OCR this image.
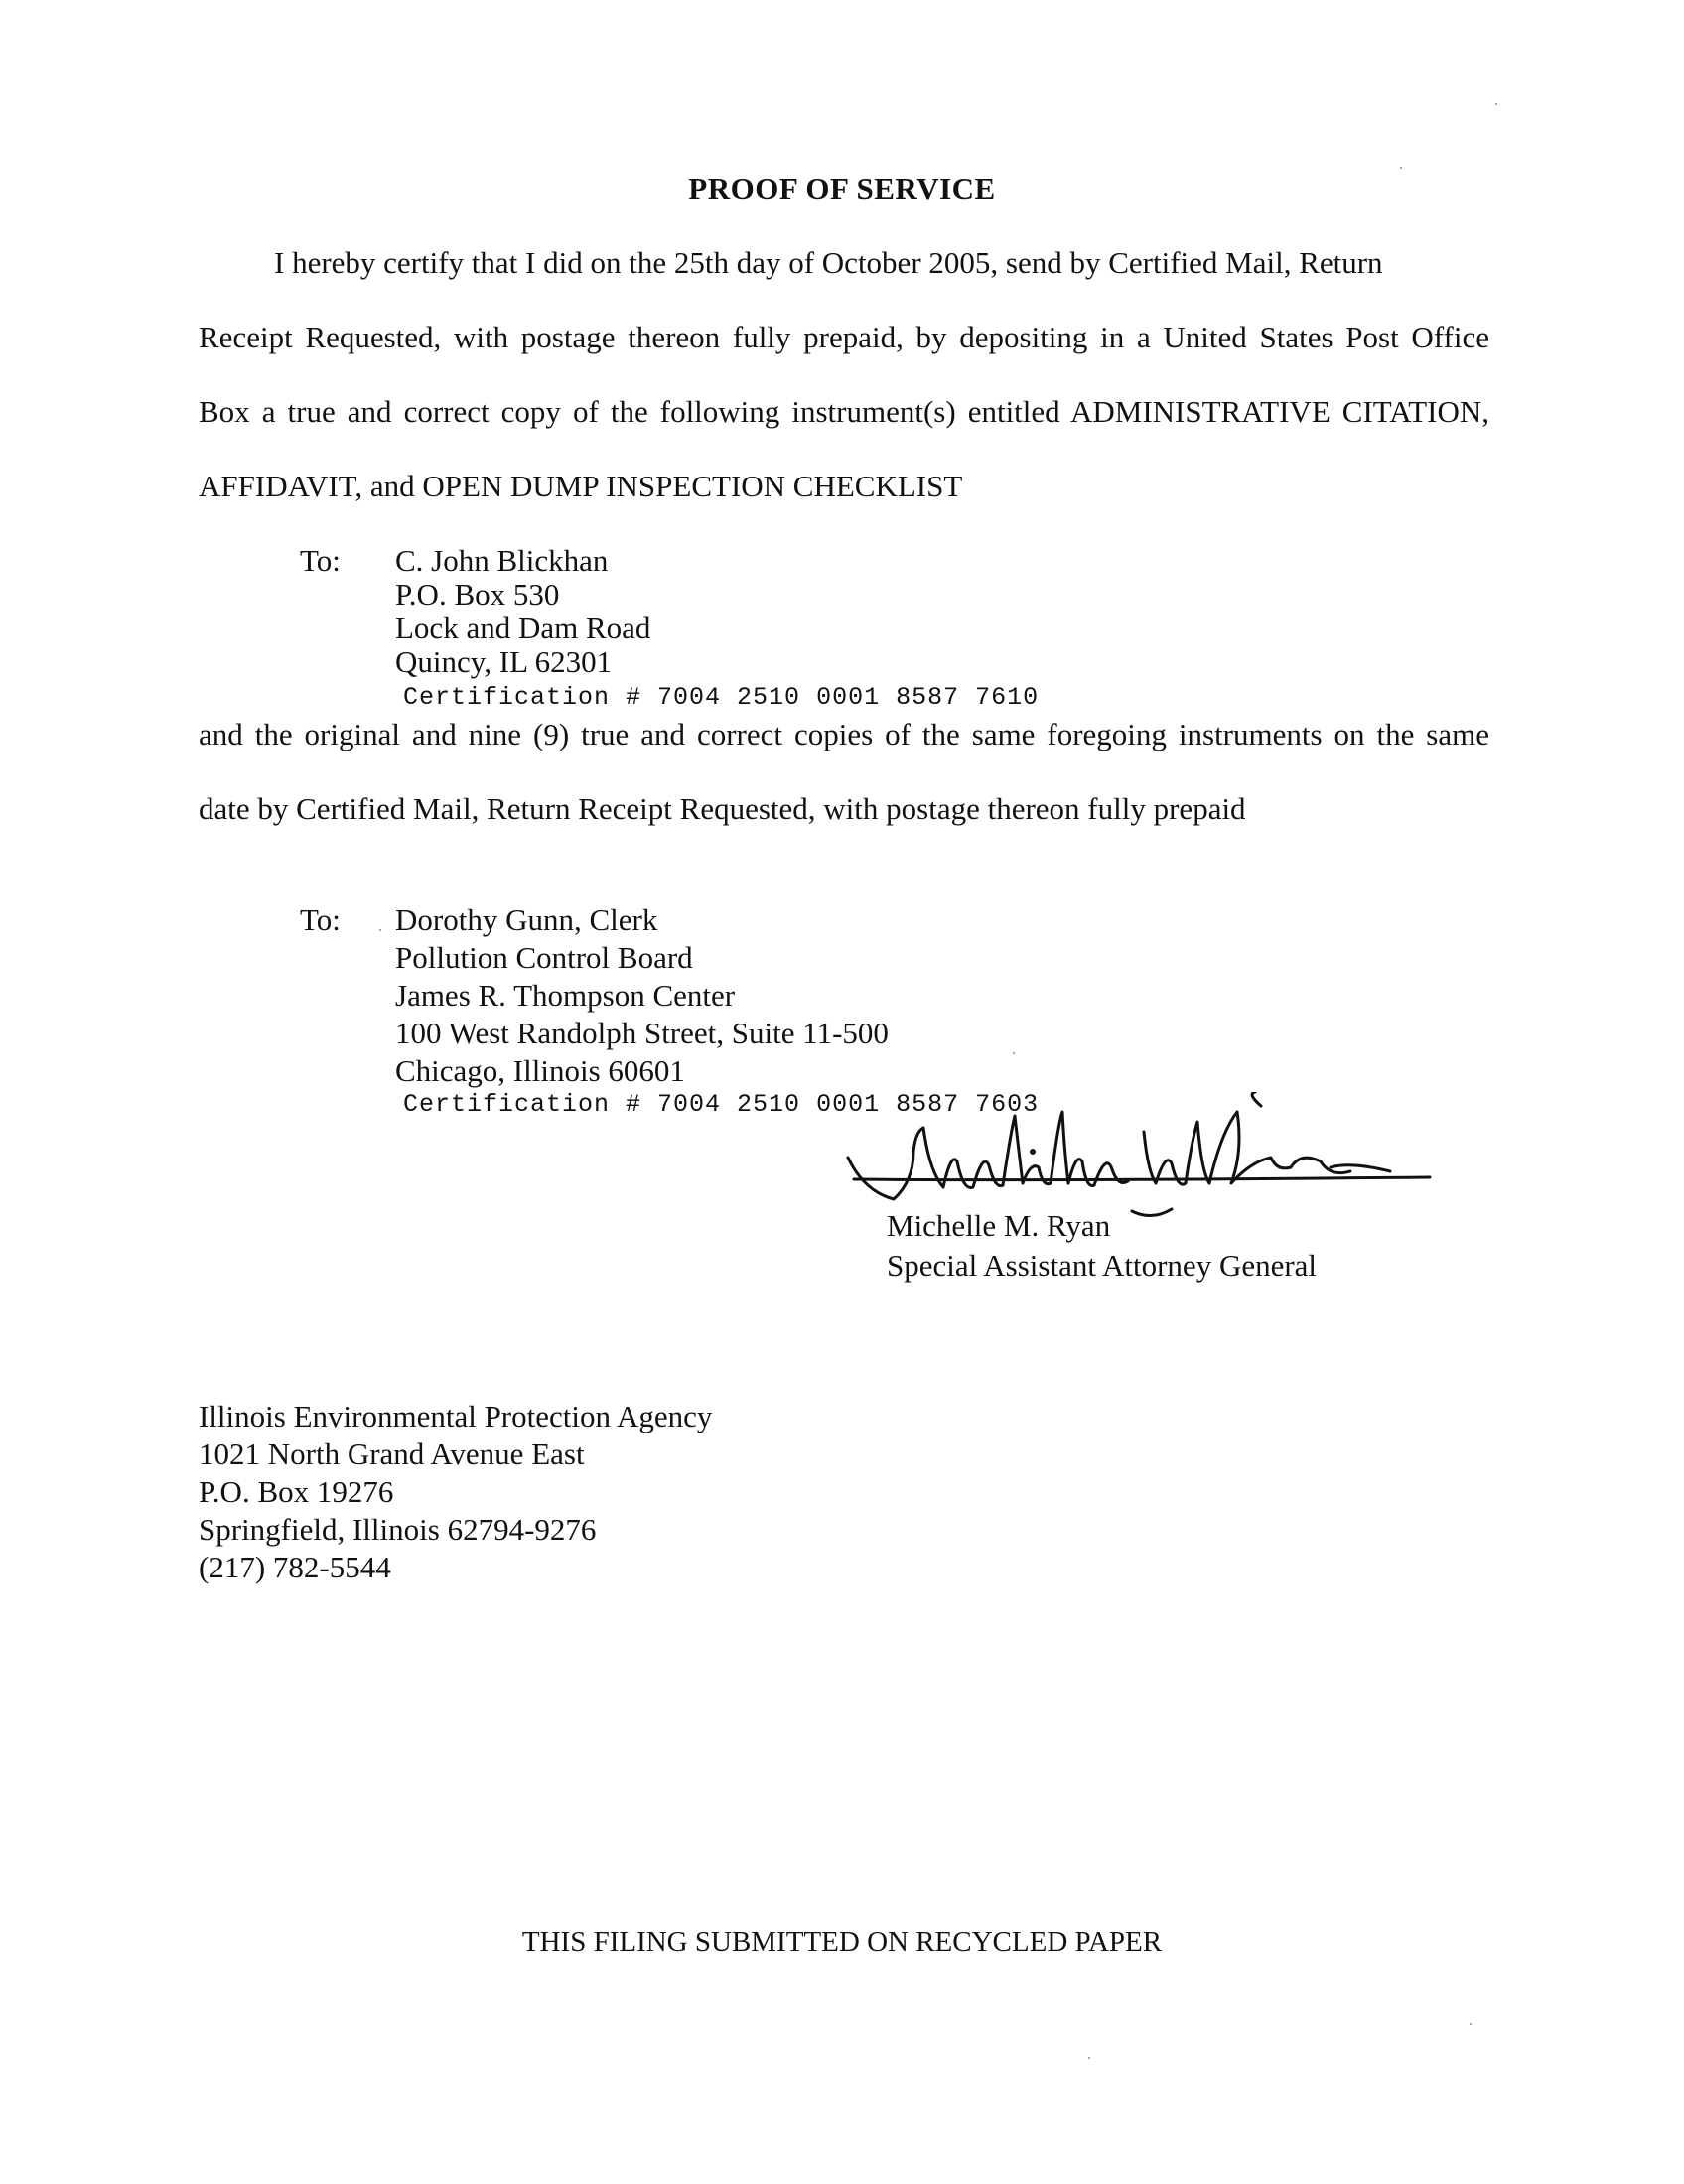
PROOF OF SERVICE
I hereby certify that I did on the 25th day of October 2005, send by Certified Mail, Return
Receipt Requested, with postage thereon fully prepaid, by depositing in a United States Post Office
Box a true and correct copy of the following instrument(s) entitled ADMINISTRATIVE CITATION,
AFFIDAVIT, and OPEN DUMP INSPECTION CHECKLIST
To: C. John Blickhan
P.O. Box 530
Lock and Dam Road
Quincy, IL 62301
Certification # 7004 2510 0001 8587 7610
and the original and nine (9) true and correct copies of the same foregoing instruments on the same
date by Certified Mail, Return Receipt Requested, with postage thereon fully prepaid
To: Dorothy Gunn, Clerk
Pollution Control Board
James R. Thompson Center
100 West Randolph Street, Suite 11-500
Chicago, Illinois 60601
Certification # 7004 2510 0001 8587 7603
Michelle M. Ryan
Special Assistant Attorney General
Illinois Environmental Protection Agency
1021 North Grand Avenue East
P.O. Box 19276
Springfield, Illinois 62794-9276
(217) 782-5544
THIS FILING SUBMITTED ON RECYCLED PAPER
